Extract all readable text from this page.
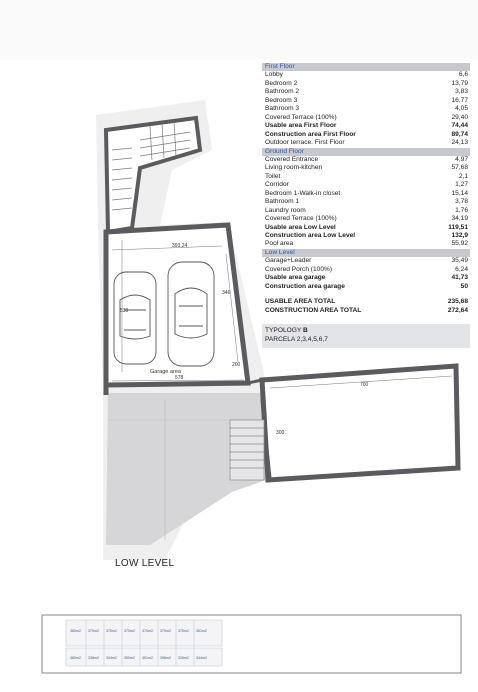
393,24
346
530
578
200
700
300
Garage area
380m2 370m2 370m2 370m2 370m2 370m2 370m2 361m2
380m2 338m2 344m2 350m2 351m2 396m2 326m2 344m2
LOW LEVEL
First Floor
Lobby	6,6
Bedroom 2	13,79
Bathroom 2	3,83
Bedroom 3	16,77
Bathroom 3	4,05
Covered Terrace (100%)	29,40
Usable area First Floor	74,44
Construction area First Floor	89,74
Outdoor terrace. First Floor	24,13
Ground Floor
Covered Entrance	4,97
Living room-kitchen	57,68
Toilet	2,1
Corridor	1,27
Bedroom 1-Walk-in closet	15,14
Bathroom 1	3,78
Laundry room	1,76
Covered Terrace (100%)	34,19
Usable area Low Level	119,51
Construction area Low Level	132,9
Pool area	55,92
Low Level
Garage+Leader	35,49
Covered Porch (100%)	6,24
Usable area garage	41,73
Construction area garage	50
USABLE AREA TOTAL	235,68
CONSTRUCTION AREA TOTAL	272,64
TYPOLOGY B
PARCELA 2,3,4,5,6,7
